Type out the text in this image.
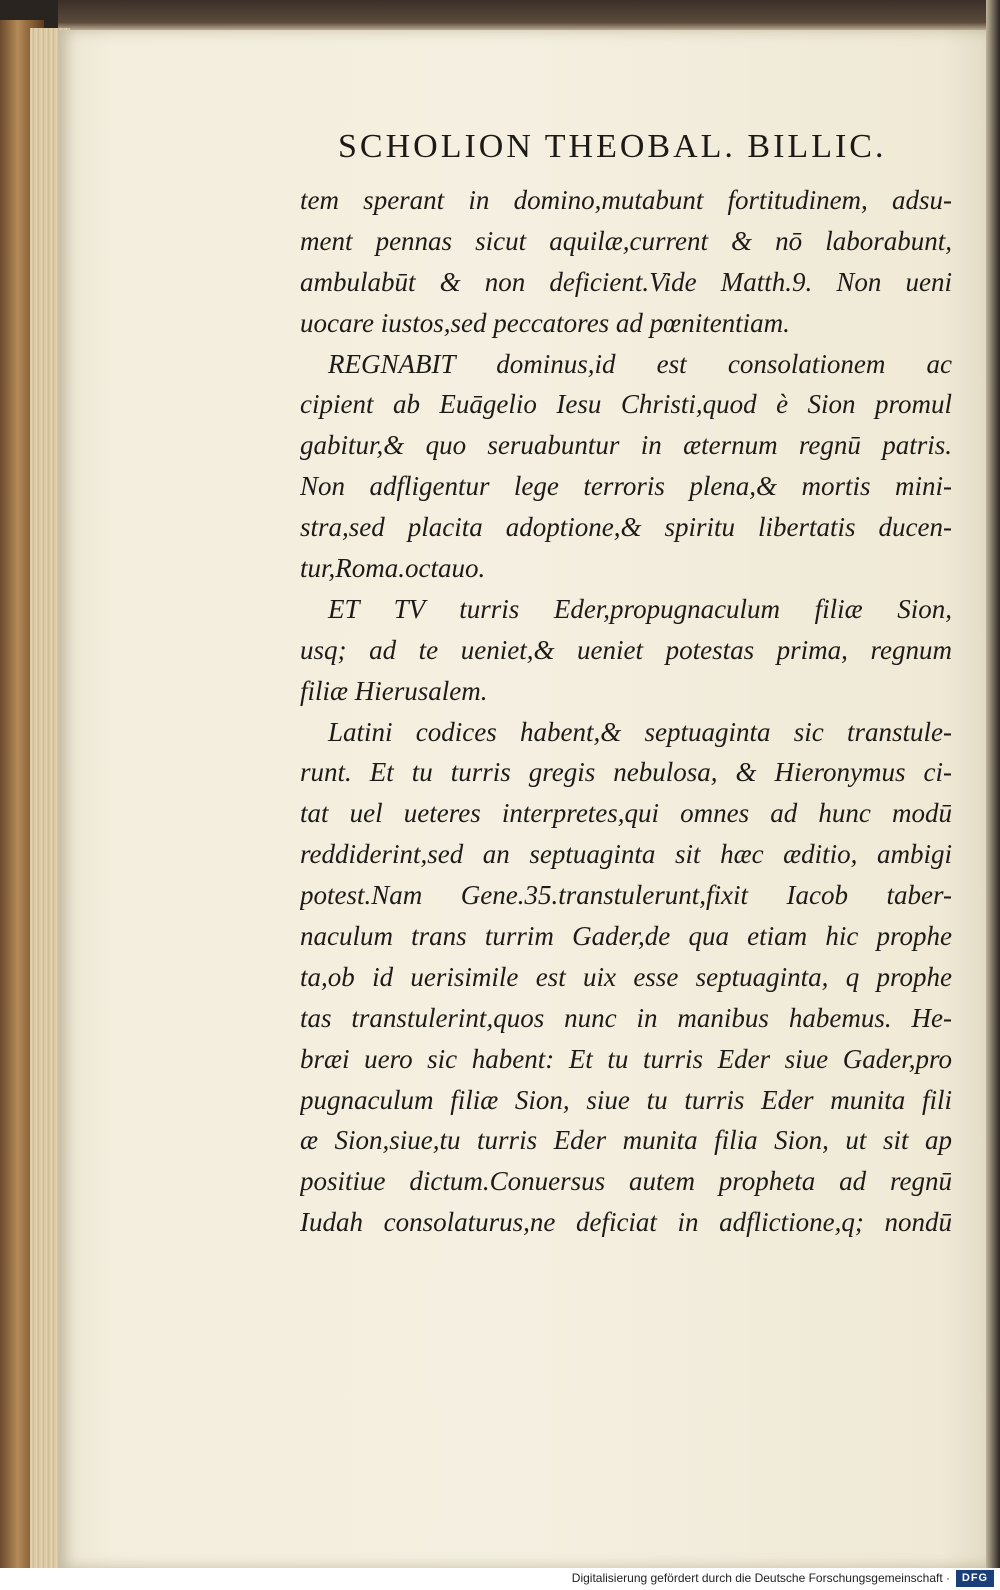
SCHOLION THEOBAL. BILLIC.
tem sperant in domino,mutabunt fortitudinem, adsu-
ment pennas sicut aquilæ,current & nō laborabunt,
ambulabūt & non deficient.Vide Matth.9. Non ueni
uocare iustos,sed peccatores ad pœnitentiam.
REGNABIT dominus,id est consolationem ac
cipient ab Euāgelio Iesu Christi,quod è Sion promul
gabitur,& quo seruabuntur in æternum regnū patris.
Non adfligentur lege terroris plena,& mortis mini-
stra,sed placita adoptione,& spiritu libertatis ducen-
tur,Roma.octauo.
ET TV turris Eder,propugnaculum filiæ Sion,
usq; ad te ueniet,& ueniet potestas prima, regnum
filiæ Hierusalem.
Latini codices habent,& septuaginta sic transtule-
runt. Et tu turris gregis nebulosa, & Hieronymus ci-
tat uel ueteres interpretes,qui omnes ad hunc modū
reddiderint,sed an septuaginta sit hæc æditio, ambigi
potest.Nam Gene.35.transtulerunt,fixit Iacob taber-
naculum trans turrim Gader,de qua etiam hic prophe
ta,ob id uerisimile est uix esse septuaginta, q prophe
tas transtulerint,quos nunc in manibus habemus. He-
bræi uero sic habent: Et tu turris Eder siue Gader,pro
pugnaculum filiæ Sion, siue tu turris Eder munita fili
æ Sion,siue,tu turris Eder munita filia Sion, ut sit ap
positiue dictum.Conuersus autem propheta ad regnū
Iudah consolaturus,ne deficiat in adflictione,q; nondū
Digitalisierung gefördert durch die Deutsche Forschungsgemeinschaft ·	DFG
